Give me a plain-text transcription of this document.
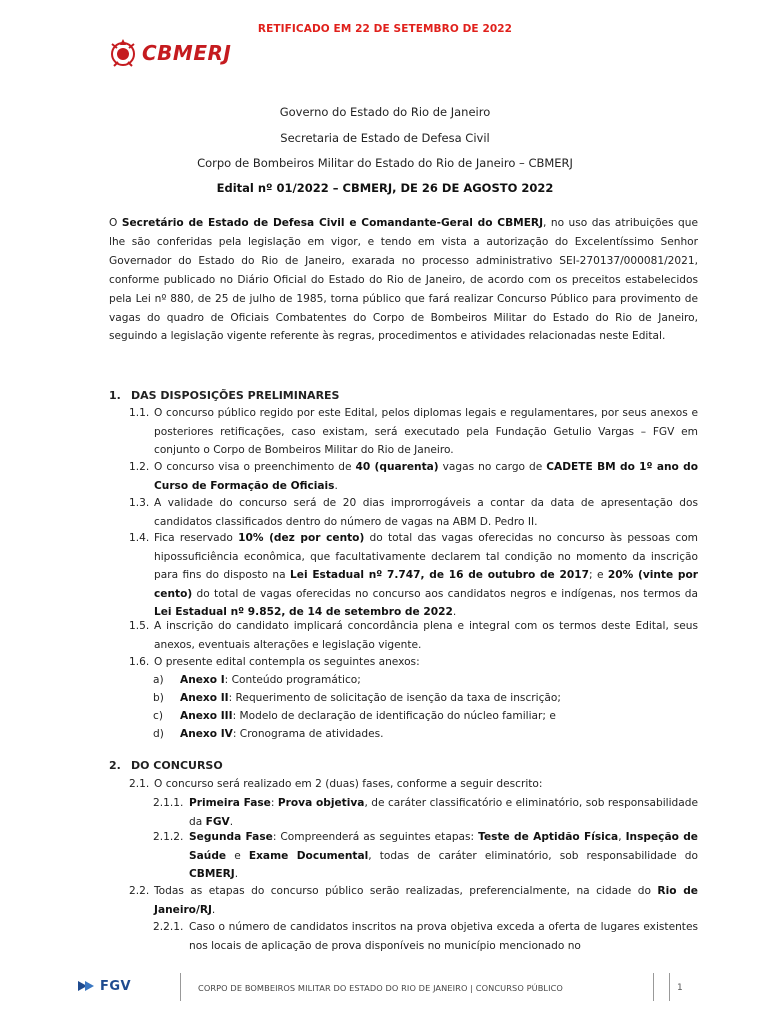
RETIFICADO EM 22 DE SETEMBRO DE 2022
CBMERJ
Governo do Estado do Rio de Janeiro
Secretaria de Estado de Defesa Civil
Corpo de Bombeiros Militar do Estado do Rio de Janeiro – CBMERJ
Edital nº 01/2022 – CBMERJ, DE 26 DE AGOSTO 2022
O Secretário de Estado de Defesa Civil e Comandante-Geral do CBMERJ, no uso das atribuições que lhe são conferidas pela legislação em vigor, e tendo em vista a autorização do Excelentíssimo Senhor Governador do Estado do Rio de Janeiro, exarada no processo administrativo SEI-270137/000081/2021, conforme publicado no Diário Oficial do Estado do Rio de Janeiro, de acordo com os preceitos estabelecidos pela Lei nº 880, de 25 de julho de 1985, torna público que fará realizar Concurso Público para provimento de vagas do quadro de Oficiais Combatentes do Corpo de Bombeiros Militar do Estado do Rio de Janeiro, seguindo a legislação vigente referente às regras, procedimentos e atividades relacionadas neste Edital.
1. DAS DISPOSIÇÕES PRELIMINARES
1.1. O concurso público regido por este Edital, pelos diplomas legais e regulamentares, por seus anexos e posteriores retificações, caso existam, será executado pela Fundação Getulio Vargas – FGV em conjunto o Corpo de Bombeiros Militar do Rio de Janeiro.
1.2. O concurso visa o preenchimento de 40 (quarenta) vagas no cargo de CADETE BM do 1º ano do Curso de Formação de Oficiais.
1.3. A validade do concurso será de 20 dias improrrogáveis a contar da data de apresentação dos candidatos classificados dentro do número de vagas na ABM D. Pedro II.
1.4. Fica reservado 10% (dez por cento) do total das vagas oferecidas no concurso às pessoas com hipossuficiência econômica, que facultativamente declarem tal condição no momento da inscrição para fins do disposto na Lei Estadual nº 7.747, de 16 de outubro de 2017; e 20% (vinte por cento) do total de vagas oferecidas no concurso aos candidatos negros e indígenas, nos termos da Lei Estadual nº 9.852, de 14 de setembro de 2022.
1.5. A inscrição do candidato implicará concordância plena e integral com os termos deste Edital, seus anexos, eventuais alterações e legislação vigente.
1.6. O presente edital contempla os seguintes anexos:
a) Anexo I: Conteúdo programático;
b) Anexo II: Requerimento de solicitação de isenção da taxa de inscrição;
c) Anexo III: Modelo de declaração de identificação do núcleo familiar; e
d) Anexo IV: Cronograma de atividades.
2. DO CONCURSO
2.1. O concurso será realizado em 2 (duas) fases, conforme a seguir descrito:
2.1.1. Primeira Fase: Prova objetiva, de caráter classificatório e eliminatório, sob responsabilidade da FGV.
2.1.2. Segunda Fase: Compreenderá as seguintes etapas: Teste de Aptidão Física, Inspeção de Saúde e Exame Documental, todas de caráter eliminatório, sob responsabilidade do CBMERJ.
2.2. Todas as etapas do concurso público serão realizadas, preferencialmente, na cidade do Rio de Janeiro/RJ.
2.2.1. Caso o número de candidatos inscritos na prova objetiva exceda a oferta de lugares existentes nos locais de aplicação de prova disponíveis no município mencionado no
FGV	CORPO DE BOMBEIROS MILITAR DO ESTADO DO RIO DE JANEIRO | CONCURSO PÚBLICO	1
